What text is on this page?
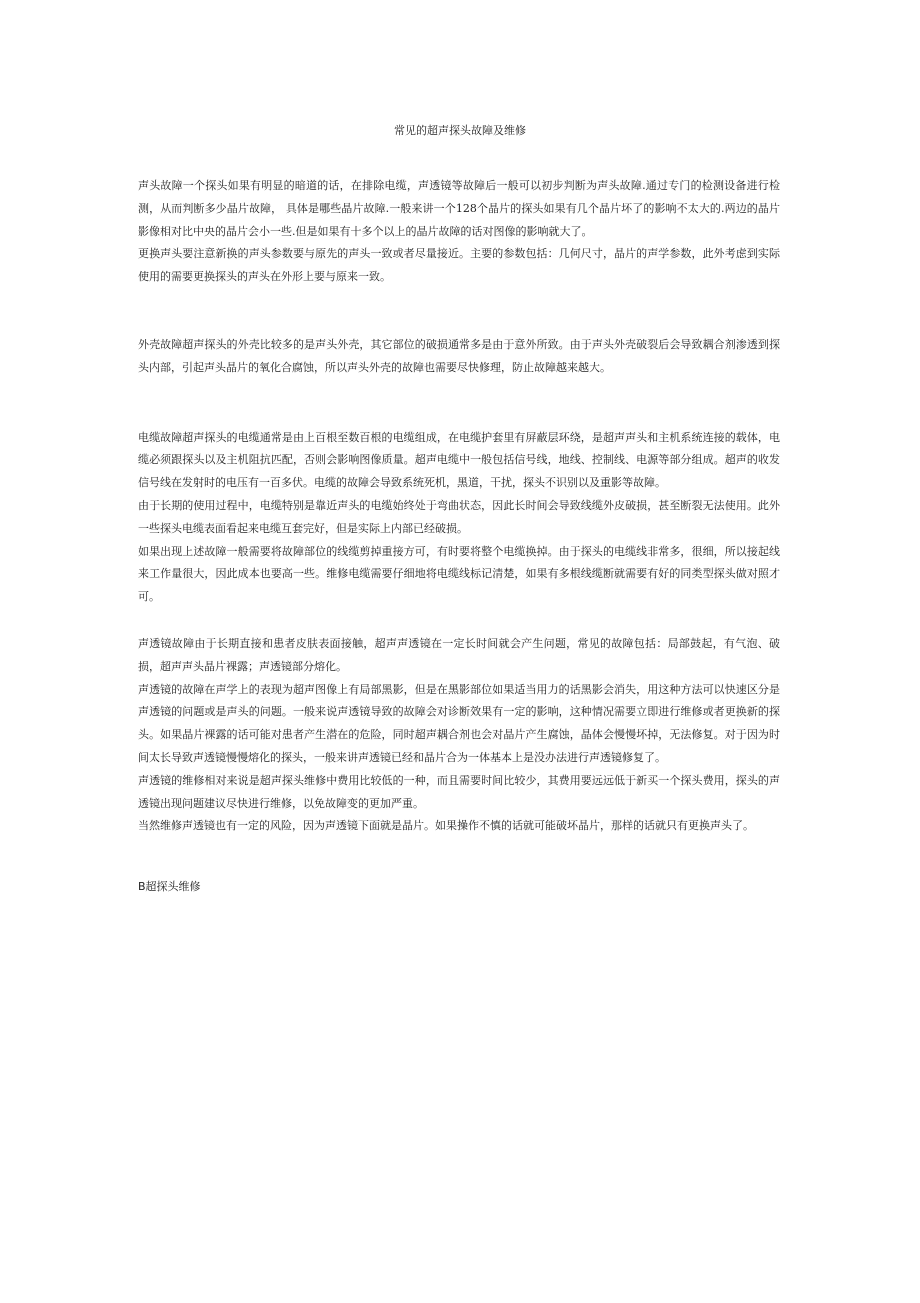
常见的超声探头故障及维修

声头故障一个探头如果有明显的暗道的话，在排除电缆，声透镜等故障后一般可以初步判断为声头故障.通过专门的检测设备进行检测，从而判断多少晶片故障， 具体是哪些晶片故障.一般来讲一个128个晶片的探头如果有几个晶片坏了的影响不太大的.两边的晶片影像相对比中央的晶片会小一些.但是如果有十多个以上的晶片故障的话对图像的影响就大了。

更换声头要注意新换的声头参数要与原先的声头一致或者尽量接近。主要的参数包括：几何尺寸，晶片的声学参数，此外考虑到实际使用的需要更换探头的声头在外形上要与原来一致。

外壳故障超声探头的外壳比较多的是声头外壳，其它部位的破损通常多是由于意外所致。由于声头外壳破裂后会导致耦合剂渗透到探头内部，引起声头晶片的氧化合腐蚀，所以声头外壳的故障也需要尽快修理，防止故障越来越大。

电缆故障超声探头的电缆通常是由上百根至数百根的电缆组成，在电缆护套里有屏蔽层环绕，是超声声头和主机系统连接的载体，电缆必须跟探头以及主机阻抗匹配，否则会影响图像质量。超声电缆中一般包括信号线，地线、控制线、电源等部分组成。超声的收发信号线在发射时的电压有一百多伏。电缆的故障会导致系统死机，黑道，干扰，探头不识别以及重影等故障。

由于长期的使用过程中，电缆特别是靠近声头的电缆始终处于弯曲状态，因此长时间会导致线缆外皮破损，甚至断裂无法使用。此外一些探头电缆表面看起来电缆互套完好，但是实际上内部已经破损。

如果出现上述故障一般需要将故障部位的线缆剪掉重接方可，有时要将整个电缆换掉。由于探头的电缆线非常多，很细，所以接起线来工作量很大，因此成本也要高一些。维修电缆需要仔细地将电缆线标记清楚，如果有多根线缆断就需要有好的同类型探头做对照才可。

声透镜故障由于长期直接和患者皮肤表面接触，超声声透镜在一定长时间就会产生问题，常见的故障包括：局部鼓起，有气泡、破损，超声声头晶片裸露；声透镜部分熔化。

声透镜的故障在声学上的表现为超声图像上有局部黑影，但是在黑影部位如果适当用力的话黑影会消失，用这种方法可以快速区分是声透镜的问题或是声头的问题。一般来说声透镜导致的故障会对诊断效果有一定的影响，这种情况需要立即进行维修或者更换新的探头。如果晶片裸露的话可能对患者产生潜在的危险，同时超声耦合剂也会对晶片产生腐蚀，晶体会慢慢坏掉，无法修复。对于因为时间太长导致声透镜慢慢熔化的探头，一般来讲声透镜已经和晶片合为一体基本上是没办法进行声透镜修复了。

声透镜的维修相对来说是超声探头维修中费用比较低的一种，而且需要时间比较少，其费用要远远低于新买一个探头费用，探头的声透镜出现问题建议尽快进行维修，以免故障变的更加严重。

当然维修声透镜也有一定的风险，因为声透镜下面就是晶片。如果操作不慎的话就可能破坏晶片，那样的话就只有更换声头了。

B超探头维修
